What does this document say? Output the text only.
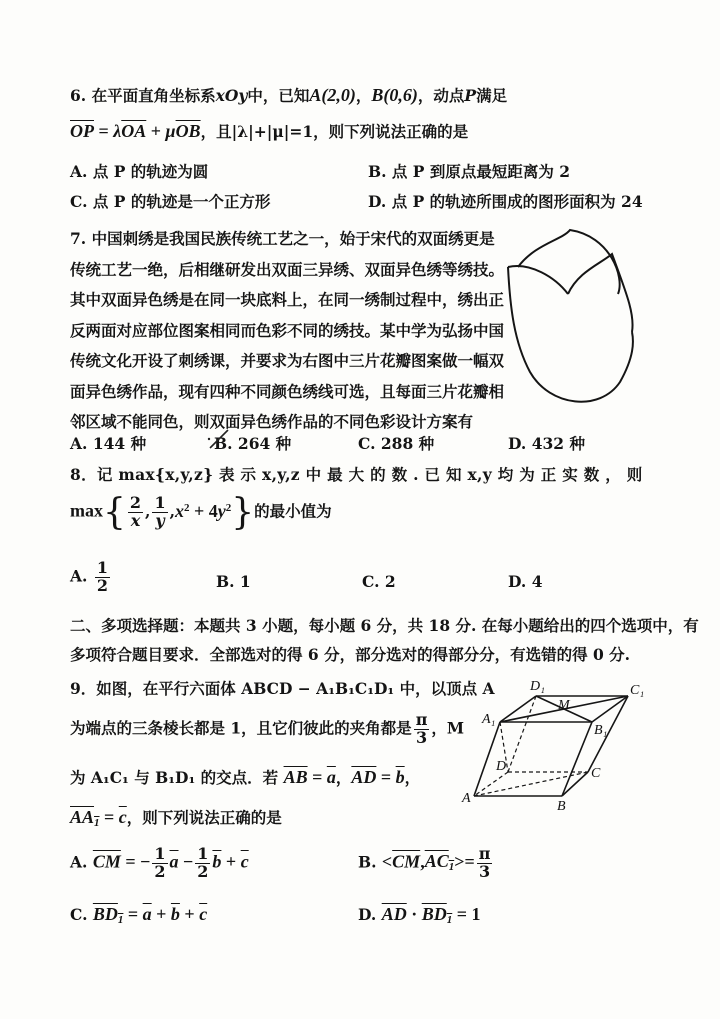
6. 在平面直角坐标系xOy中，已知A(2,0)，B(0,6)，动点P满足
$\overline{OP} = \lambda\overline{OA} + \mu\overline{OB}$，且|λ|+|μ|=1，则下列说法正确的是
A. 点 P 的轨迹为圆	B. 点 P 到原点最短距离为 2
C. 点 P 的轨迹是一个正方形	D. 点 P 的轨迹所围成的图形面积为 24
7. 中国刺绣是我国民族传统工艺之一，始于宋代的双面绣更是
传统工艺一绝，后相继研发出双面三异绣、双面异色绣等绣技。
其中双面异色绣是在同一块底料上，在同一绣制过程中，绣出正
反两面对应部位图案相同而色彩不同的绣技。某中学为弘扬中国
传统文化开设了刺绣课，并要求为右图中三片花瓣图案做一幅双
面异色绣作品，现有四种不同颜色绣线可选，且每面三片花瓣相
邻区域不能同色，则双面异色绣作品的不同色彩设计方案有
A. 144 种	B. 264 种	C. 288 种	D. 432 种
8．记 max{x,y,z} 表 示 x,y,z 中 最 大 的 数 . 已 知 x,y 均 为 正 实 数 ， 则
$\max\{ \frac{2}{x}$ , $\frac{1}{y} ,x^2 + 4y^2$}的最小值为
A. $\frac{1}{2}$	B. 1	C. 2	D. 4
二、多项选择题：本题共 3 小题，每小题 6 分，共 18 分. 在每小题给出的四个选项中，有
多项符合题目要求．全部选对的得 6 分，部分选对的得部分分，有选错的得 0 分.
9．如图，在平行六面体 ABCD − A₁B₁C₁D₁ 中，以顶点 A
为端点的三条棱长都是 1，且它们彼此的夹角都是 $\frac{\pi}{3}$ ，M
为 A₁C₁ 与 B₁D₁ 的交点．若 $\overline{AB} = \overline{a}$，$\overline{AD} = \overline{b}$，
$AA_1 = \overline{c}$，则下列说法正确的是
D₁
M
C₁
A₁
B₁
D	C
A
B
A. $\overline{CM}$ = − $\frac{1}{2} \overline{a} - \frac{1}{2} \overline{b} + \overline{c}$	B. $<\overline{CM},AC_1>= \frac{\pi}{3}$
C. $BD_1 = \overline{a} + \overline{b} + \overline{c}$	D. $\overline{AD} \cdot BD_1 = 1$
